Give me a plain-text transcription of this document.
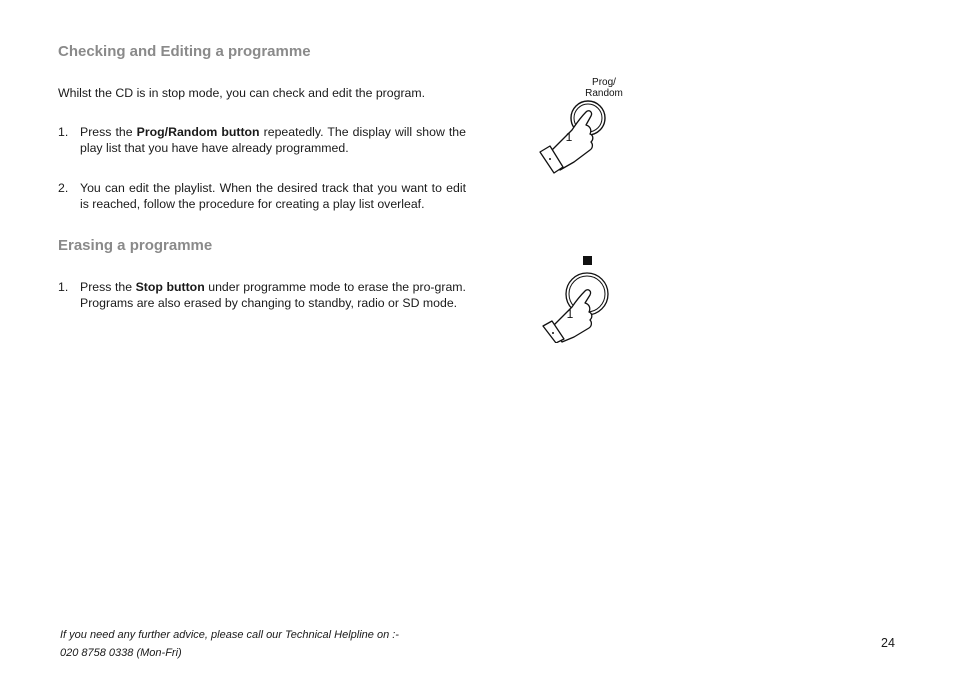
Checking and Editing a programme

Whilst the CD is in stop mode, you can check and edit the program.

1. Press the Prog/Random button repeatedly. The display will show the play list that you have have already programmed.
2. You can edit the playlist. When the desired track that you want to edit is reached, follow the procedure for creating a play list overleaf.
Prog/
Random
1
Erasing a programme
1. Press the Stop button under programme mode to erase the pro-gram. Programs are also erased by changing to standby, radio or SD mode.
1

If you need any further advice, please call our Technical Helpline on :-

020 8758 0338 (Mon-Fri)

24
